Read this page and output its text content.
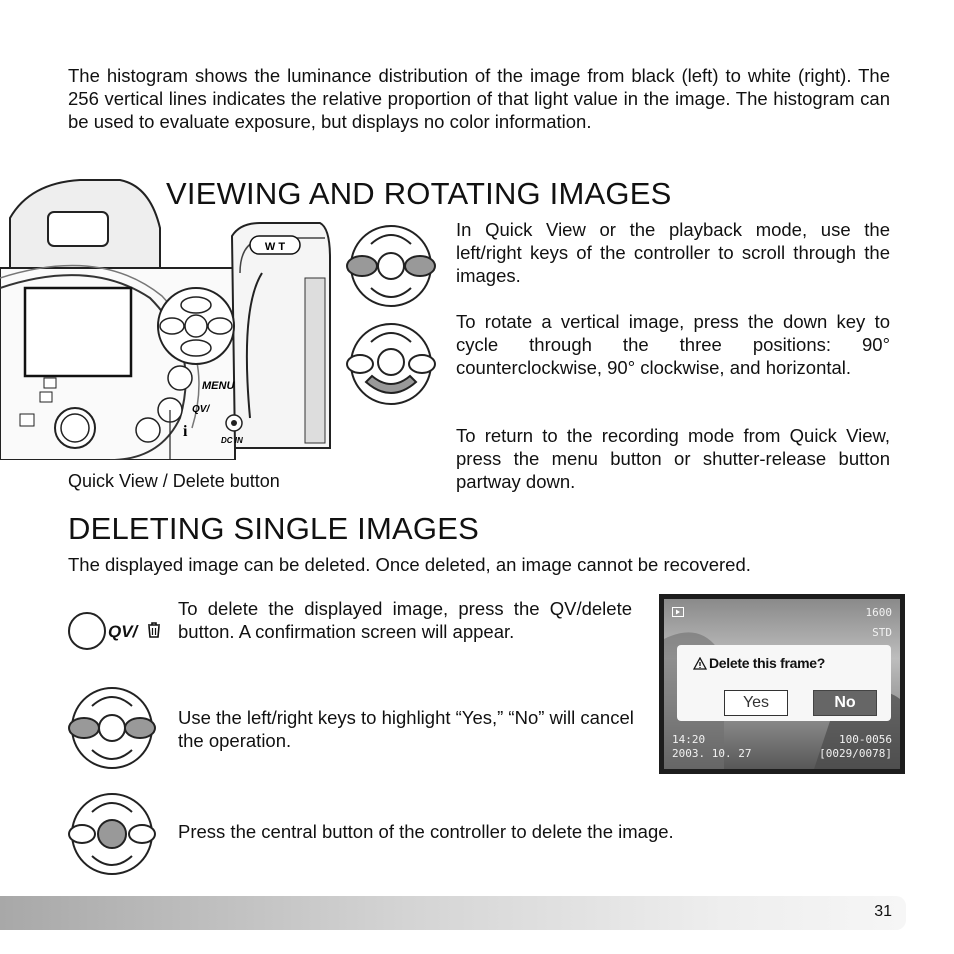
The histogram shows the luminance distribution of the image from black (left) to white (right). The 256 vertical lines indicates the relative proportion of that light value in the image. The histogram can be used to evaluate exposure, but displays no color information.
W T
MENU
QV/
i
DC IN
Quick View / Delete button
VIEWING AND ROTATING IMAGES
In Quick View or the playback mode, use the left/right keys of the controller to scroll through the images.
To rotate a vertical image, press the down key to cycle through the three positions: 90° counterclockwise, 90° clockwise, and horizontal.
To return to the recording mode from Quick View, press the menu button or shutter-release button partway down.
DELETING SINGLE IMAGES
The displayed image can be deleted. Once deleted, an image cannot be recovered.
QV/
To delete the displayed image, press the QV/delete button. A confirmation screen will appear.
Use the left/right keys to highlight “Yes,” “No” will cancel the operation.
Press the central button of the controller to delete the image.
1600
STD
Delete this frame?
Yes	No
14:20	100-0056
2003. 10. 27	[0029/0078]
31
